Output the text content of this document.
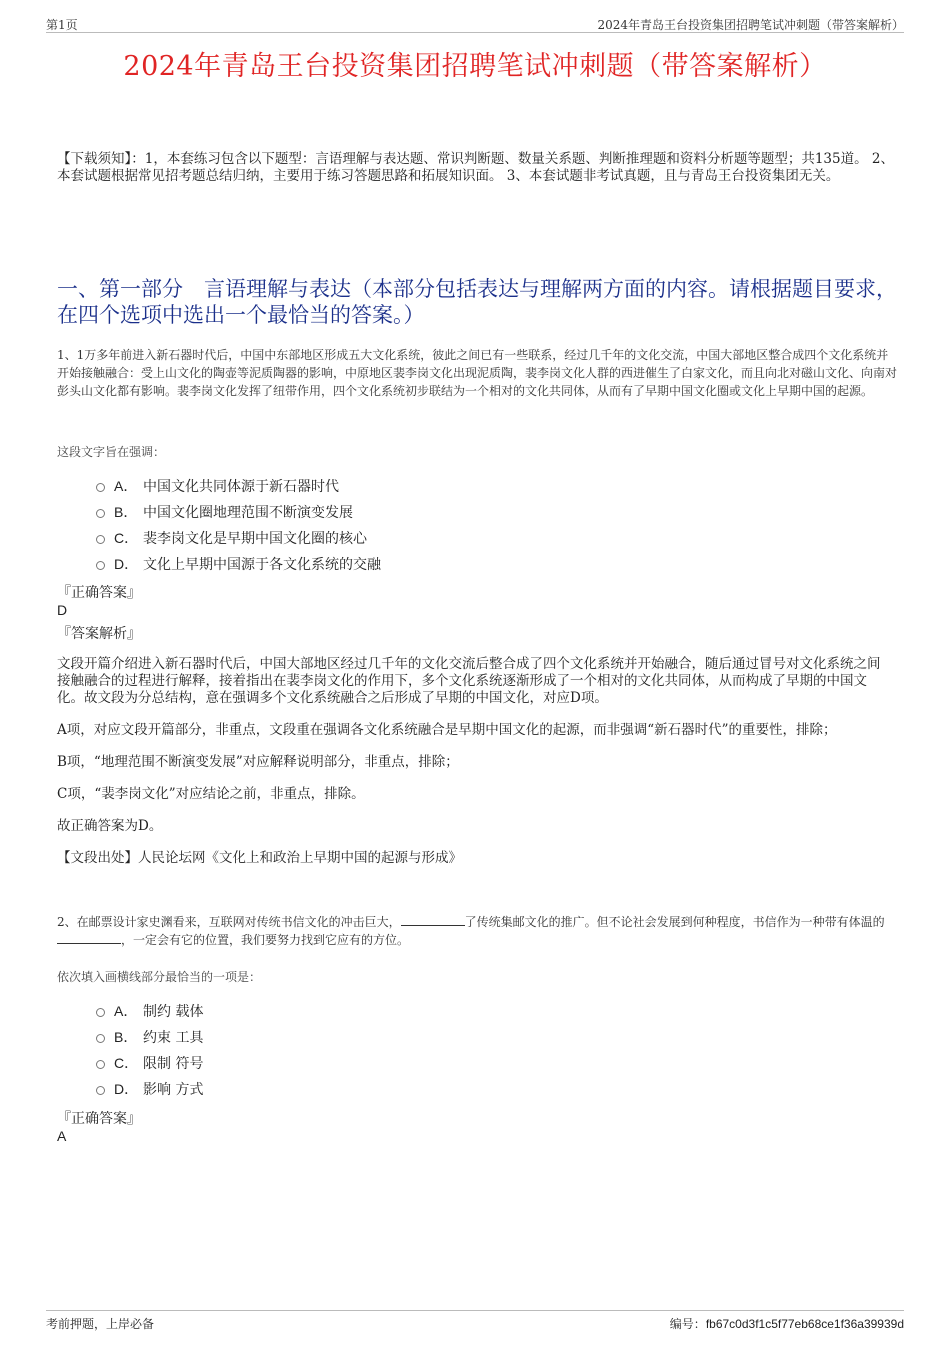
第1页	2024年青岛王台投资集团招聘笔试冲刺题（带答案解析）
2024年青岛王台投资集团招聘笔试冲刺题（带答案解析）
【下载须知】：1，本套练习包含以下题型：言语理解与表达题、常识判断题、数量关系题、判断推理题和资料分析题等题型；共135道。 2、本套试题根据常见招考题总结归纳，主要用于练习答题思路和拓展知识面。 3、本套试题非考试真题，且与青岛王台投资集团无关。
一、第一部分　言语理解与表达（本部分包括表达与理解两方面的内容。请根据题目要求，在四个选项中选出一个最恰当的答案。）
1、1万多年前进入新石器时代后，中国中东部地区形成五大文化系统，彼此之间已有一些联系，经过几千年的文化交流，中国大部地区整合成四个文化系统并开始接触融合：受上山文化的陶壶等泥质陶器的影响，中原地区裴李岗文化出现泥质陶，裴李岗文化人群的西进催生了白家文化，而且向北对磁山文化、向南对彭头山文化都有影响。裴李岗文化发挥了纽带作用，四个文化系统初步联结为一个相对的文化共同体，从而有了早期中国文化圈或文化上早期中国的起源。
这段文字旨在强调：
A． 中国文化共同体源于新石器时代
B． 中国文化圈地理范围不断演变发展
C． 裴李岗文化是早期中国文化圈的核心
D． 文化上早期中国源于各文化系统的交融
『正确答案』
D
『答案解析』

文段开篇介绍进入新石器时代后，中国大部地区经过几千年的文化交流后整合成了四个文化系统并开始融合，随后通过冒号对文化系统之间接触融合的过程进行解释，接着指出在裴李岗文化的作用下，多个文化系统逐渐形成了一个相对的文化共同体，从而构成了早期的中国文化。故文段为分总结构，意在强调多个文化系统融合之后形成了早期的中国文化，对应D项。

A项，对应文段开篇部分，非重点，文段重在强调各文化系统融合是早期中国文化的起源，而非强调“新石器时代”的重要性，排除；

B项，“地理范围不断演变发展”对应解释说明部分，非重点，排除；

C项，“裴李岗文化”对应结论之前，非重点，排除。

故正确答案为D。

【文段出处】人民论坛网《文化上和政治上早期中国的起源与形成》

2、在邮票设计家史渊看来，互联网对传统书信文化的冲击巨大，	了传统集邮文化的推广。但不论社会发展到何种程度，书信作为一种带有体温的，一定会有它的位置，我们要努力找到它应有的方位。
依次填入画横线部分最恰当的一项是：
A． 制约 载体
B． 约束 工具
C． 限制 符号
D． 影响 方式
『正确答案』
A
考前押题，上岸必备	编号：fb67c0d3f1c5f77eb68ce1f36a39939d
